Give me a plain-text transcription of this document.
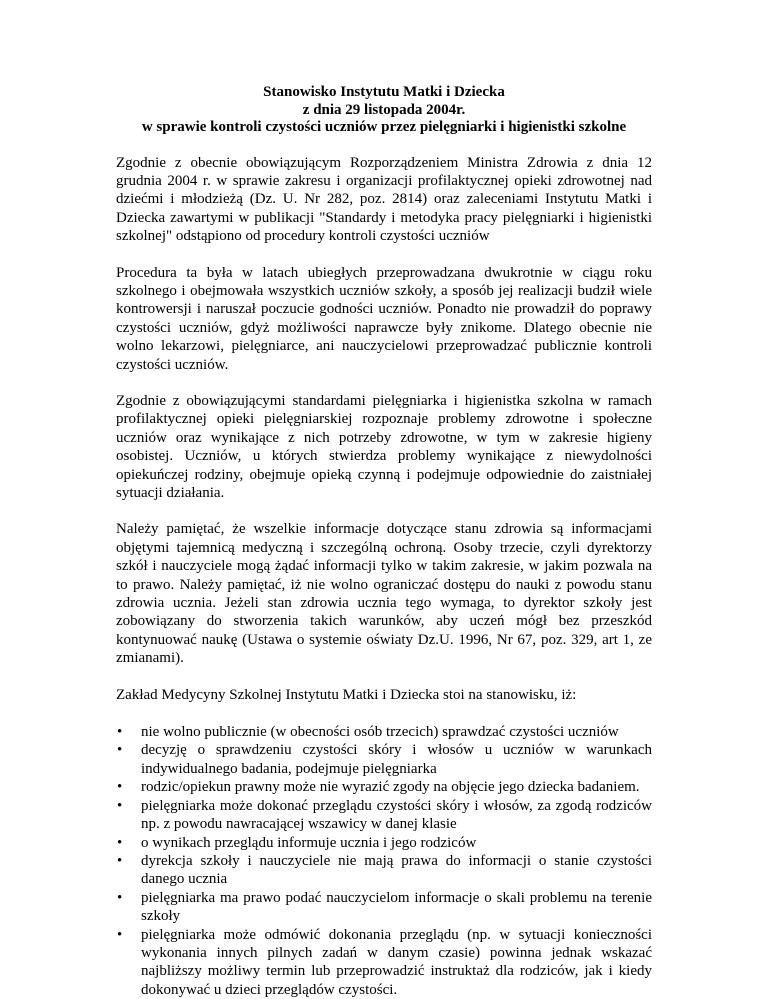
Stanowisko Instytutu Matki i Dziecka
z dnia 29 listopada 2004r.
w sprawie kontroli czystości uczniów przez pielęgniarki i higienistki szkolne

Zgodnie z obecnie obowiązującym Rozporządzeniem Ministra Zdrowia z dnia 12 grudnia 2004 r. w sprawie zakresu i organizacji profilaktycznej opieki zdrowotnej nad dziećmi i młodzieżą (Dz. U. Nr 282, poz. 2814) oraz zaleceniami Instytutu Matki i Dziecka zawartymi w publikacji "Standardy i metodyka pracy pielęgniarki i higienistki szkolnej" odstąpiono od procedury kontroli czystości uczniów

Procedura ta była w latach ubiegłych przeprowadzana dwukrotnie w ciągu roku szkolnego i obejmowała wszystkich uczniów szkoły, a sposób jej realizacji budził wiele kontrowersji i naruszał poczucie godności uczniów. Ponadto nie prowadził do poprawy czystości uczniów, gdyż możliwości naprawcze były znikome. Dlatego obecnie nie wolno lekarzowi, pielęgniarce, ani nauczycielowi przeprowadzać publicznie kontroli czystości uczniów.

Zgodnie z obowiązującymi standardami pielęgniarka i higienistka szkolna w ramach profilaktycznej opieki pielęgniarskiej rozpoznaje problemy zdrowotne i społeczne uczniów oraz wynikające z nich potrzeby zdrowotne, w tym w zakresie higieny osobistej. Uczniów, u których stwierdza problemy wynikające z niewydolności opiekuńczej rodziny, obejmuje opieką czynną i podejmuje odpowiednie do zaistniałej sytuacji działania.

Należy pamiętać, że wszelkie informacje dotyczące stanu zdrowia są informacjami objętymi tajemnicą medyczną i szczególną ochroną. Osoby trzecie, czyli dyrektorzy szkół i nauczyciele mogą żądać informacji tylko w takim zakresie, w jakim pozwala na to prawo. Należy pamiętać, iż nie wolno ograniczać dostępu do nauki z powodu stanu zdrowia ucznia. Jeżeli stan zdrowia ucznia tego wymaga, to dyrektor szkoły jest zobowiązany do stworzenia takich warunków, aby uczeń mógł bez przeszkód kontynuować naukę (Ustawa o systemie oświaty Dz.U. 1996, Nr 67, poz. 329, art 1, ze zmianami).

Zakład Medycyny Szkolnej Instytutu Matki i Dziecka stoi na stanowisku, iż:
• nie wolno publicznie (w obecności osób trzecich) sprawdzać czystości uczniów
• decyzję o sprawdzeniu czystości skóry i włosów u uczniów w warunkach indywidualnego badania, podejmuje pielęgniarka
• rodzic/opiekun prawny może nie wyrazić zgody na objęcie jego dziecka badaniem.
• pielęgniarka może dokonać przeglądu czystości skóry i włosów, za zgodą rodziców np. z powodu nawracającej wszawicy w danej klasie
• o wynikach przeglądu informuje ucznia i jego rodziców
• dyrekcja szkoły i nauczyciele nie mają prawa do informacji o stanie czystości danego ucznia
• pielęgniarka ma prawo podać nauczycielom informacje o skali problemu na terenie szkoły
• pielęgniarka może odmówić dokonania przeglądu (np. w sytuacji konieczności wykonania innych pilnych zadań w danym czasie) powinna jednak wskazać najbliższy możliwy termin lub przeprowadzić instruktaż dla rodziców, jak i kiedy dokonywać u dzieci przeglądów czystości.
